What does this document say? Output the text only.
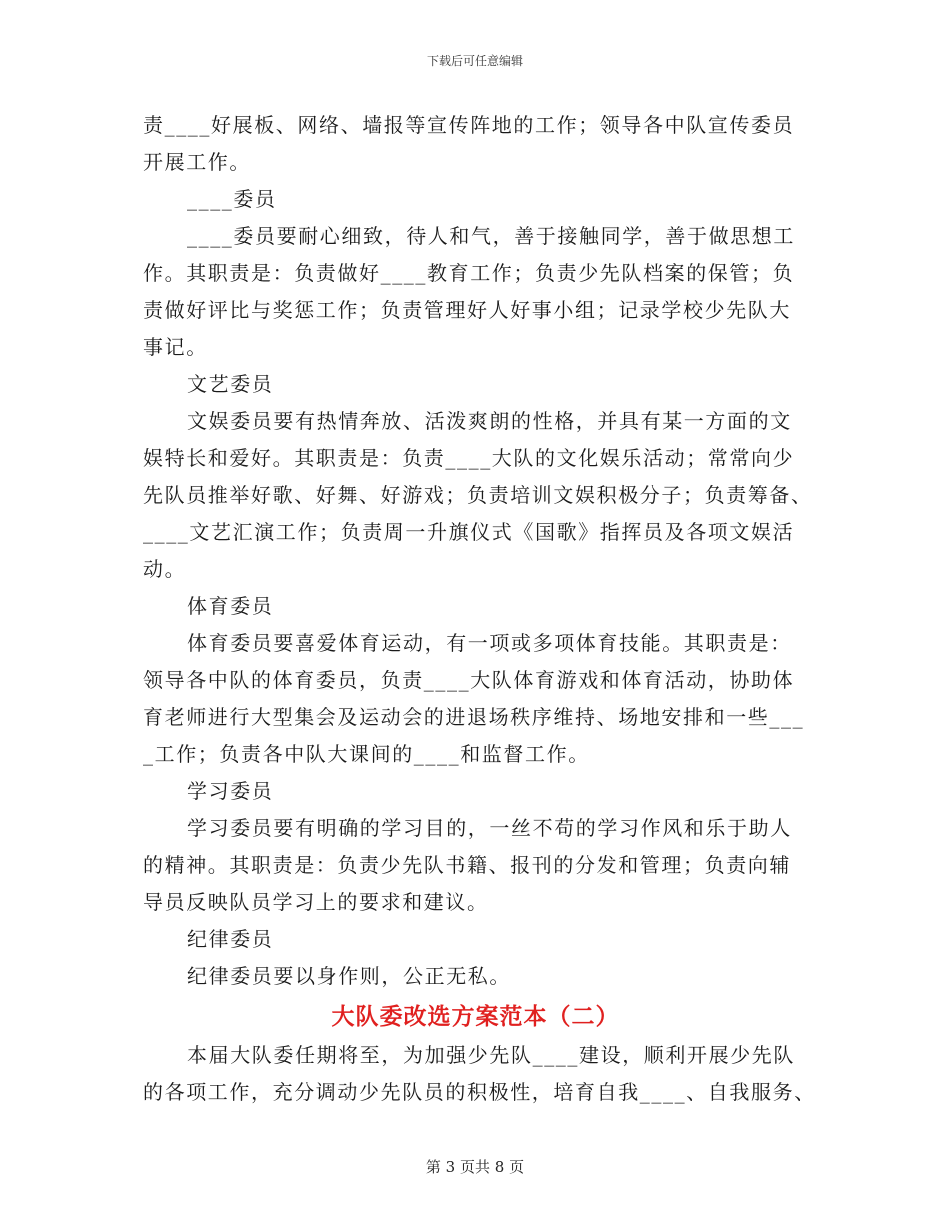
下载后可任意编辑
责____好展板、网络、墙报等宣传阵地的工作；领导各中队宣传委员
开展工作。
____委员
____委员要耐心细致，待人和气，善于接触同学，善于做思想工
作。其职责是：负责做好____教育工作；负责少先队档案的保管；负
责做好评比与奖惩工作；负责管理好人好事小组；记录学校少先队大
事记。
文艺委员
文娱委员要有热情奔放、活泼爽朗的性格，并具有某一方面的文
娱特长和爱好。其职责是：负责____大队的文化娱乐活动；常常向少
先队员推举好歌、好舞、好游戏；负责培训文娱积极分子；负责筹备、
____文艺汇演工作；负责周一升旗仪式《国歌》指挥员及各项文娱活
动。
体育委员
体育委员要喜爱体育运动，有一项或多项体育技能。其职责是：
领导各中队的体育委员，负责____大队体育游戏和体育活动，协助体
育老师进行大型集会及运动会的进退场秩序维持、场地安排和一些___
_工作；负责各中队大课间的____和监督工作。
学习委员
学习委员要有明确的学习目的，一丝不苟的学习作风和乐于助人
的精神。其职责是：负责少先队书籍、报刊的分发和管理；负责向辅
导员反映队员学习上的要求和建议。
纪律委员
纪律委员要以身作则，公正无私。
大队委改选方案范本（二）
本届大队委任期将至，为加强少先队____建设，顺利开展少先队
的各项工作，充分调动少先队员的积极性，培育自我____、自我服务、
第 3 页共 8 页
